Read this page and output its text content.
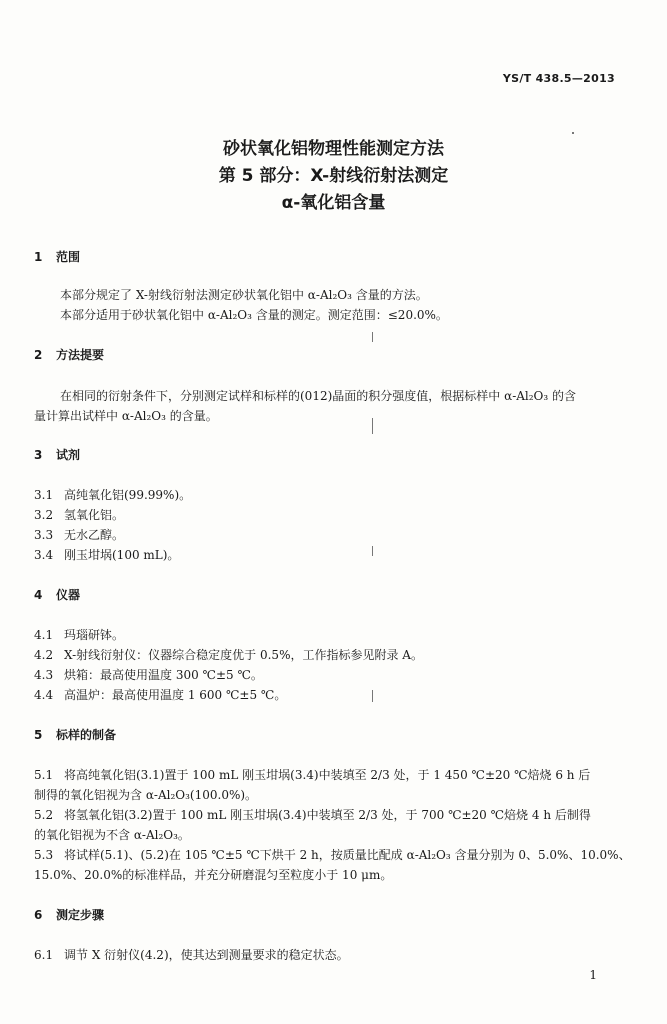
YS/T 438.5—2013
砂状氧化铝物理性能测定方法
第 5 部分：X-射线衍射法测定
α-氧化铝含量
1 范围
本部分规定了 X-射线衍射法测定砂状氧化铝中 α-Al₂O₃ 含量的方法。
本部分适用于砂状氧化铝中 α-Al₂O₃ 含量的测定。测定范围：≤20.0%。
2 方法提要
在相同的衍射条件下，分别测定试样和标样的(012)晶面的积分强度值，根据标样中 α-Al₂O₃ 的含
量计算出试样中 α-Al₂O₃ 的含量。
3 试剂
3.1 高纯氧化铝(99.99%)。
3.2 氢氧化铝。
3.3 无水乙醇。
3.4 刚玉坩埚(100 mL)。
4 仪器
4.1 玛瑙研钵。
4.2 X-射线衍射仪：仪器综合稳定度优于 0.5%，工作指标参见附录 A。
4.3 烘箱：最高使用温度 300 ℃±5 ℃。
4.4 高温炉：最高使用温度 1 600 ℃±5 ℃。
5 标样的制备
5.1 将高纯氧化铝(3.1)置于 100 mL 刚玉坩埚(3.4)中装填至 2/3 处，于 1 450 ℃±20 ℃焙烧 6 h 后
制得的氧化铝视为含 α-Al₂O₃(100.0%)。
5.2 将氢氧化铝(3.2)置于 100 mL 刚玉坩埚(3.4)中装填至 2/3 处，于 700 ℃±20 ℃焙烧 4 h 后制得
的氧化铝视为不含 α-Al₂O₃。
5.3 将试样(5.1)、(5.2)在 105 ℃±5 ℃下烘干 2 h，按质量比配成 α-Al₂O₃ 含量分别为 0、5.0%、10.0%、
15.0%、20.0%的标准样品，并充分研磨混匀至粒度小于 10 μm。
6 测定步骤
6.1 调节 X 衍射仪(4.2)，使其达到测量要求的稳定状态。
1
